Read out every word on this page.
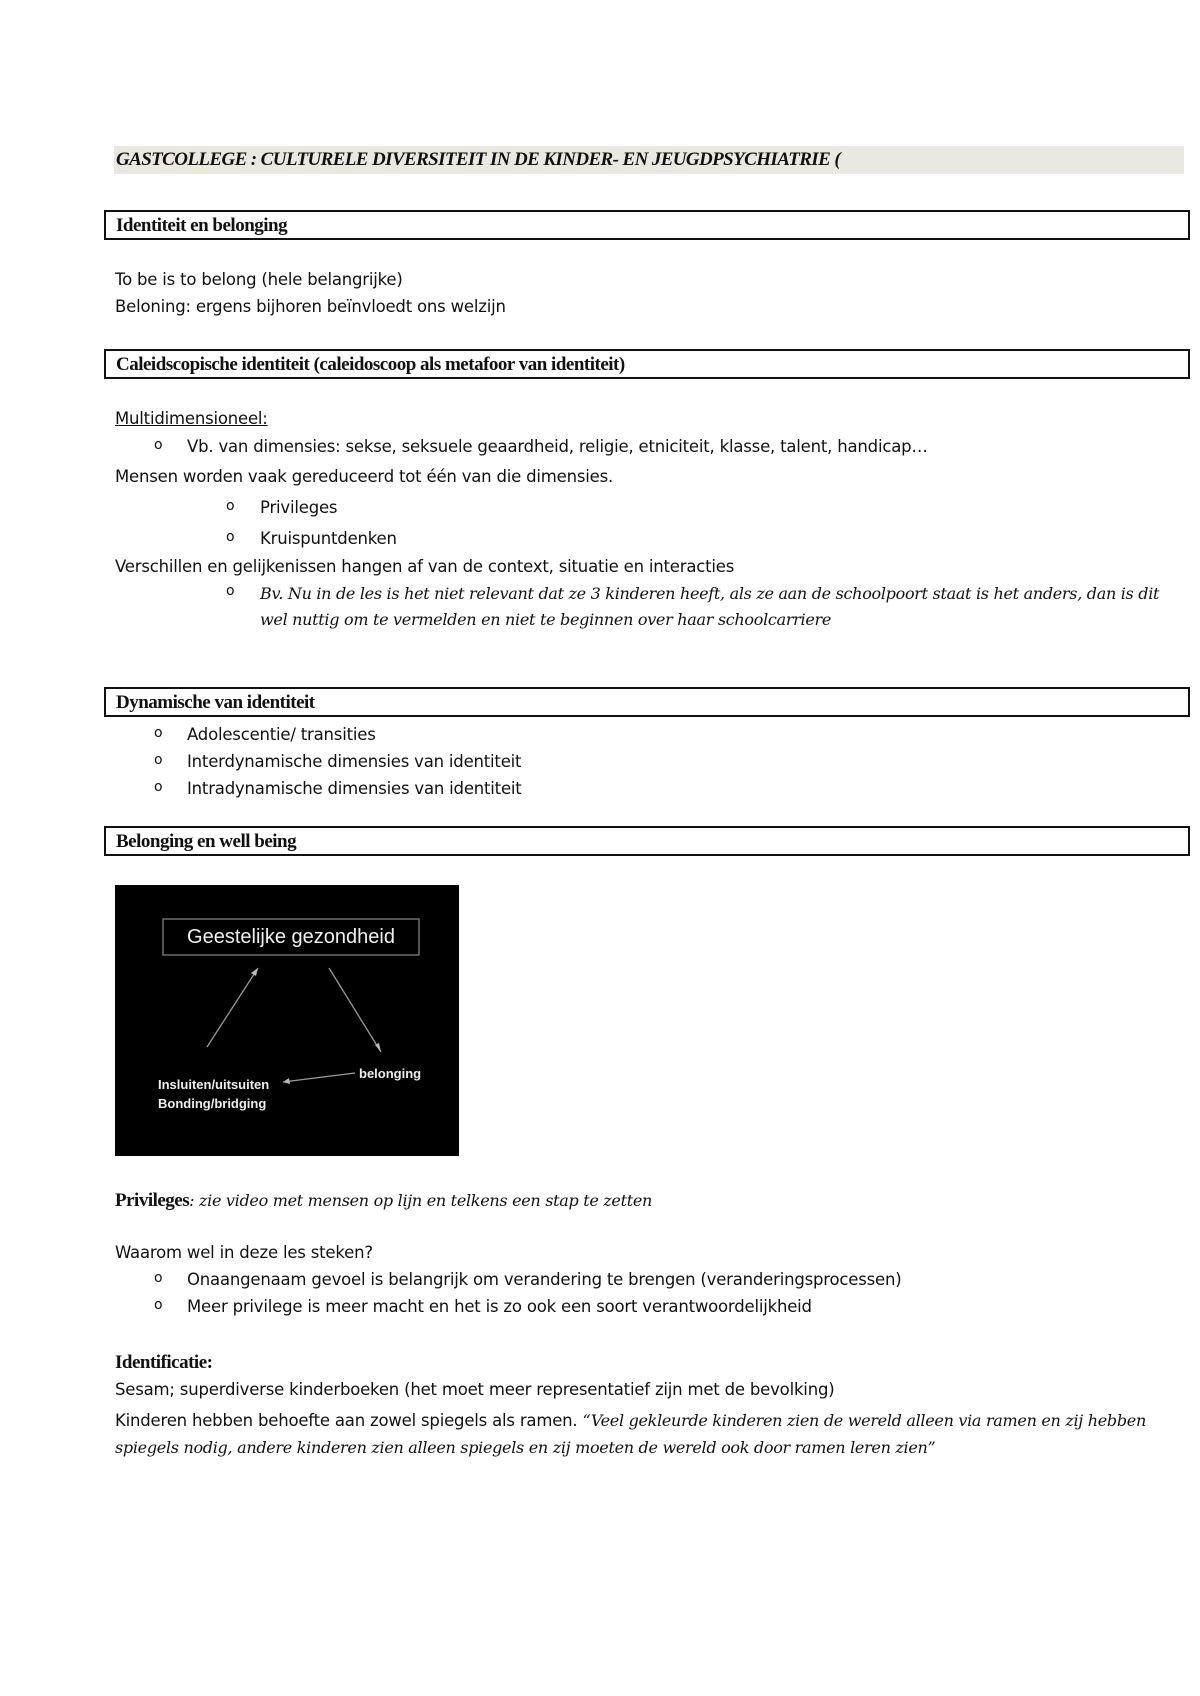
GASTCOLLEGE : CULTURELE DIVERSITEIT IN DE KINDER- EN JEUGDPSYCHIATRIE (
Identiteit en belonging
To be is to belong (hele belangrijke)
Beloning: ergens bijhoren beïnvloedt ons welzijn
Caleidscopische identiteit (caleidoscoop als metafoor van identiteit)
Multidimensioneel:
o Vb. van dimensies: sekse, seksuele geaardheid, religie, etniciteit, klasse, talent, handicap…
Mensen worden vaak gereduceerd tot één van die dimensies.
o Privileges
o Kruispuntdenken
Verschillen en gelijkenissen hangen af van de context, situatie en interacties
o Bv. Nu in de les is het niet relevant dat ze 3 kinderen heeft, als ze aan de schoolpoort staat is het anders, dan is dit wel nuttig om te vermelden en niet te beginnen over haar schoolcarriere
Dynamische van identiteit
o Adolescentie/ transities
o Interdynamische dimensies van identiteit
o Intradynamische dimensies van identiteit
Belonging en well being
Geestelijke gezondheid
belonging
Insluiten/uitsuiten
Bonding/bridging
Privileges: zie video met mensen op lijn en telkens een stap te zetten
Waarom wel in deze les steken?
o Onaangenaam gevoel is belangrijk om verandering te brengen (veranderingsprocessen)
o Meer privilege is meer macht en het is zo ook een soort verantwoordelijkheid
Identificatie:
Sesam; superdiverse kinderboeken (het moet meer representatief zijn met de bevolking)
Kinderen hebben behoefte aan zowel spiegels als ramen. “Veel gekleurde kinderen zien de wereld alleen via ramen en zij hebben spiegels nodig, andere kinderen zien alleen spiegels en zij moeten de wereld ook door ramen leren zien”
